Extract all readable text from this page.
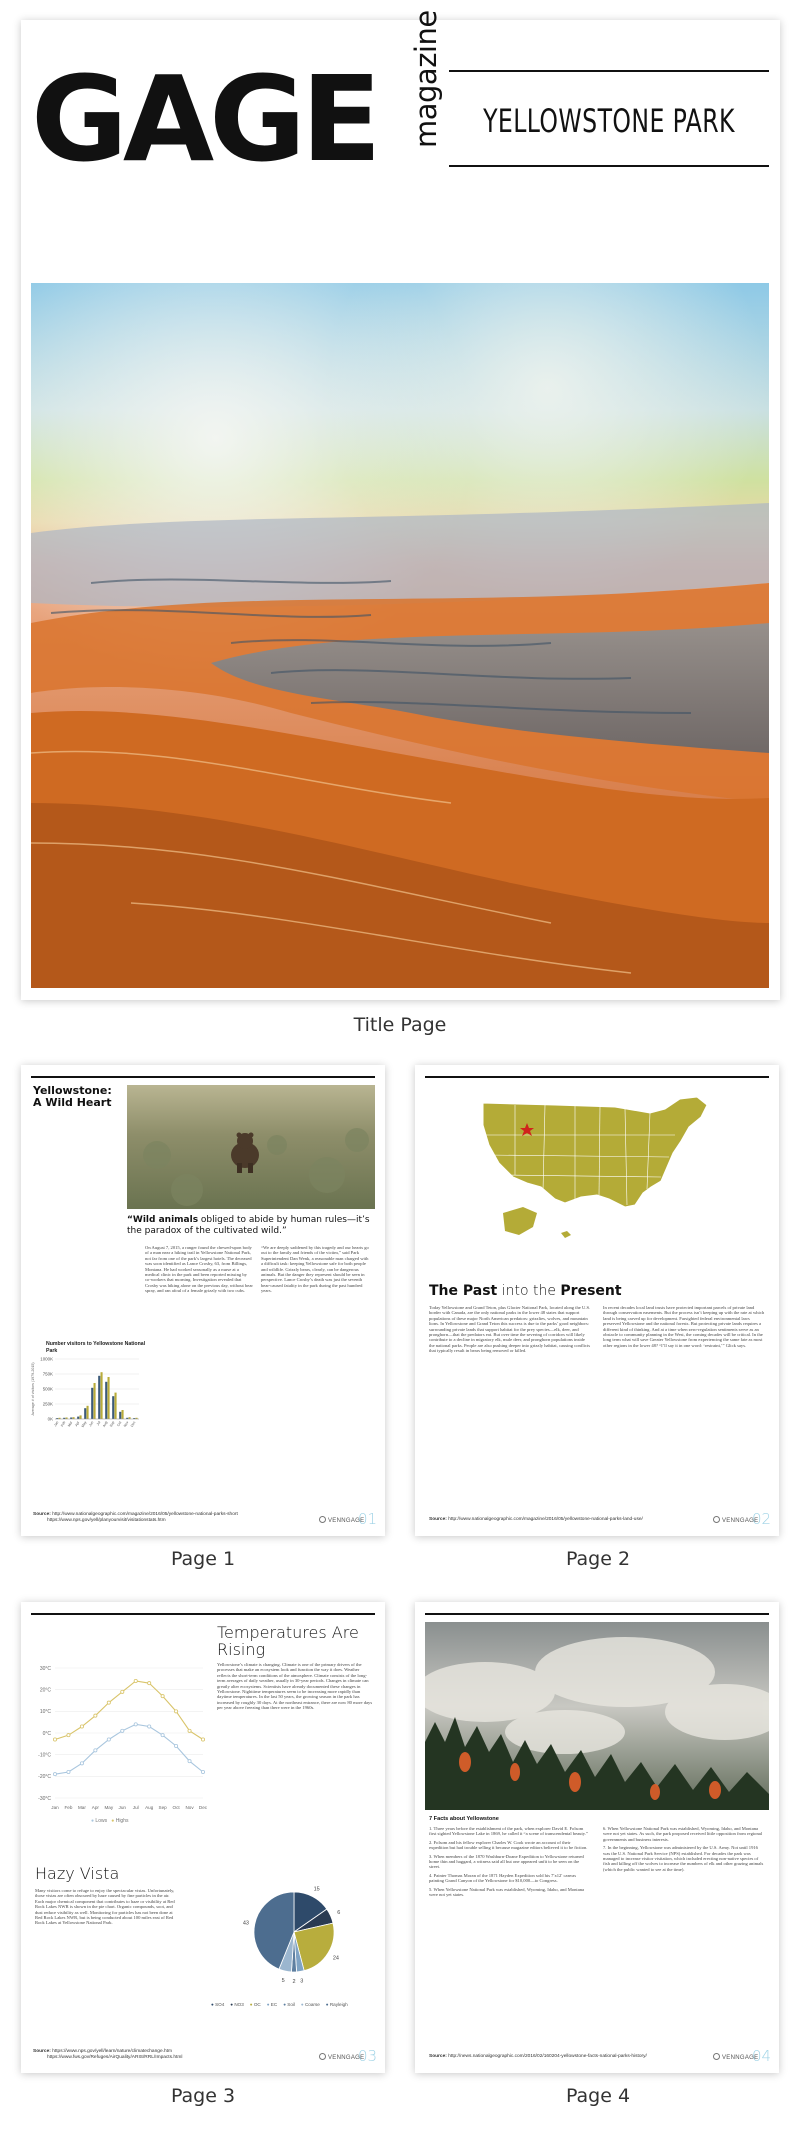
GAGE magazine YELLOWSTONE PARK
Title Page
Yellowstone: A Wild Heart
“Wild animals obliged to abide by human rules—it’s the paradox of the cultivated wild.”
On August 7, 2015, a ranger found the chewed-upon body of a man near a hiking trail in Yellowstone National Park, not far from one of the park’s largest hotels. The deceased was soon identified as Lance Crosby, 63, from Billings, Montana. He had worked seasonally as a nurse at a medical clinic in the park and been reported missing by co-workers that morning. Investigation revealed that Crosby was hiking alone on the previous day, without bear spray, and ran afoul of a female grizzly with two cubs.
“We are deeply saddened by this tragedy and our hearts go out to the family and friends of the victim,” said Park Superintendent Dan Wenk, a reasonable man charged with a difficult task: keeping Yellowstone safe for both people and wildlife. Grizzly bears, clearly, can be dangerous animals. But the danger they represent should be seen in perspective. Lance Crosby’s death was just the seventh bear-caused fatality in the park during the past hundred years.
Number visitors to Yellowstone National Park
Average # of visitors (1979-2015)
1000K
750K
500K
250K
0K
Jan Feb Mar Apr May Jun Jul Aug Sep Oct Nov Dec
Source: http://www.nationalgeographic.com/magazine/2016/05/yellowstone-national-parks-short
https://www.nps.gov/yell/planyourvisit/visitationstats.htm	VENNGAGE
01
Page 1
The Past into the Present
Today Yellowstone and Grand Teton, plus Glacier National Park, located along the U.S. border with Canada, are the only national parks in the lower 48 states that support populations of these major North American predators: grizzlies, wolves, and mountain lions. In Yellowstone and Grand Teton this success is due to the parks’ good neighbors: surrounding private lands that support habitat for the prey species—elk, deer, and pronghorn—that the predators eat. But over time the severing of corridors will likely contribute to a decline in migratory elk, mule deer, and pronghorn populations inside the national parks. People are also pushing deeper into grizzly habitat, causing conflicts that typically result in bears being removed or killed.
In recent decades local land trusts have protected important parcels of private land through conservation easements. But the process isn’t keeping up with the rate at which land is being carved up for development. Farsighted federal environmental laws preserved Yellowstone and the national forests. But protecting private lands requires a different kind of thinking. And at a time when zero-regulation sentiments serve as an obstacle to community planning in the West, the coming decades will be critical. In the long term what will save Greater Yellowstone from experiencing the same fate as most other regions in the lower 48? “I’ll say it in one word: ‘restraint,’” Glick says.
Source: http://www.nationalgeographic.com/magazine/2016/05/yellowstone-national-parks-land-use/	VENNGAGE
02
Page 2
30°C
20°C
10°C
0°C
-10°C
-20°C
-30°C
Jan Feb Mar Apr May Jun Jul Aug Sep Oct Nov Dec
● Lows ● Highs
Temperatures Are Rising
Yellowstone’s climate is changing. Climate is one of the primary drivers of the processes that make an ecosystem look and function the way it does. Weather reflects the short-term conditions of the atmosphere. Climate consists of the long-term averages of daily weather, usually in 30-year periods. Changes in climate can greatly alter ecosystems. Scientists have already documented these changes in Yellowstone. Nighttime temperatures seem to be increasing more rapidly than daytime temperatures. In the last 50 years, the growing season in the park has increased by roughly 30 days. At the northeast entrance, there are now 80 more days per year above freezing than there were in the 1960s.
Hazy Vista
Many visitors come to refuge to enjoy the spectacular vistas. Unfortunately, those vistas are often obscured by haze caused by fine particles in the air. Each major chemical component that contributes to haze or visibility at Red Rock Lakes NWR is shown in the pie chart. Organic compounds, soot, and dust reduce visibility as well. Monitoring for particles has not been done at Red Rock Lakes NWR, but is being conducted about 100 miles east of Red Rock Lakes at Yellowstone National Park.
15
6
24
3
2
5
43
● SO4 ● NO3 ● OC ● EC ● Soil ● Coarse ● Rayleigh
Source: https://www.nps.gov/yell/learn/nature/climatechange.htm
https://www.fws.gov/Refuges/AirQuality/ARIS/RRL/Impacts.html	VENNGAGE
03
Page 3
7 Facts about Yellowstone

1. Three years before the establishment of the park, when explorer David E. Folsom first sighted Yellowstone Lake in 1869, he called it “a scene of transcendental beauty.”

2. Folsom and his fellow explorer Charles W. Cook wrote an account of their expedition but had trouble selling it because magazine editors believed it to be fiction.

3. When members of the 1870 Washburn-Doane Expedition to Yellowstone returned home thin and haggard, a witness said all but one appeared unfit to be seen on the street.

4. Painter Thomas Moran of the 1871 Hayden Expedition sold his 7′x12′ canvas painting Grand Canyon of the Yellowstone for $10,000—to Congress.

5. When Yellowstone National Park was established, Wyoming, Idaho, and Montana were not yet states.

6. When Yellowstone National Park was established, Wyoming, Idaho, and Montana were not yet states. As such, the park proposed received little opposition from regional governments and business interests.

7. In the beginning, Yellowstone was administered by the U.S. Army. Not until 1916 was the U.S. National Park Service (NPS) established. For decades the park was managed to increase visitor visitation, which included erecting non-native species of fish and killing off the wolves to increase the numbers of elk and other grazing animals (which the public wanted to see at the time).

Source: http://news.nationalgeographic.com/2016/02/160204-yellowstone-facts-national-parks-history/	VENNGAGE
04
Page 4
